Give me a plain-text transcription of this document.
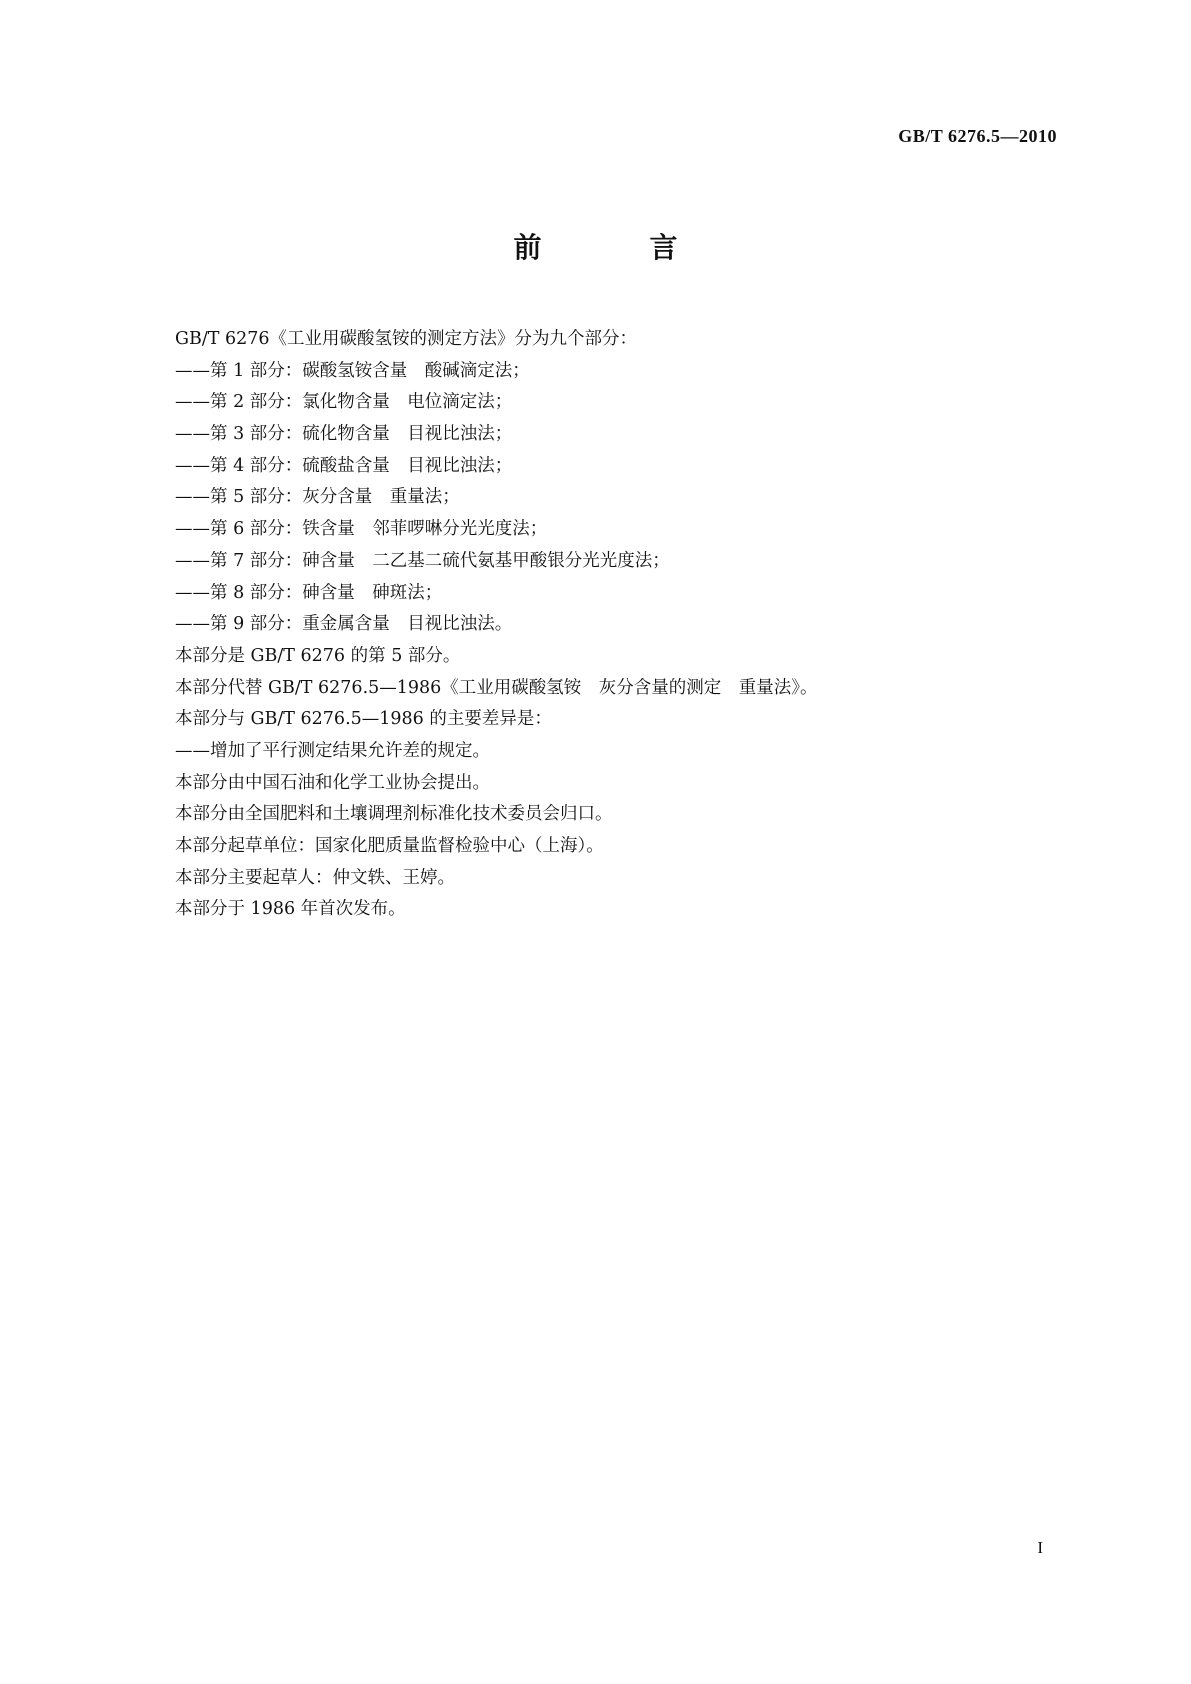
GB/T 6276.5—2010
前　言
GB/T 6276《工业用碳酸氢铵的测定方法》分为九个部分：
——第 1 部分：碳酸氢铵含量　酸碱滴定法；
——第 2 部分：氯化物含量　电位滴定法；
——第 3 部分：硫化物含量　目视比浊法；
——第 4 部分：硫酸盐含量　目视比浊法；
——第 5 部分：灰分含量　重量法；
——第 6 部分：铁含量　邻菲啰啉分光光度法；
——第 7 部分：砷含量　二乙基二硫代氨基甲酸银分光光度法；
——第 8 部分：砷含量　砷斑法；
——第 9 部分：重金属含量　目视比浊法。
本部分是 GB/T 6276 的第 5 部分。
本部分代替 GB/T 6276.5—1986《工业用碳酸氢铵　灰分含量的测定　重量法》。
本部分与 GB/T 6276.5—1986 的主要差异是：
——增加了平行测定结果允许差的规定。
本部分由中国石油和化学工业协会提出。
本部分由全国肥料和土壤调理剂标准化技术委员会归口。
本部分起草单位：国家化肥质量监督检验中心（上海）。
本部分主要起草人：仲文轶、王婷。
本部分于 1986 年首次发布。
I
